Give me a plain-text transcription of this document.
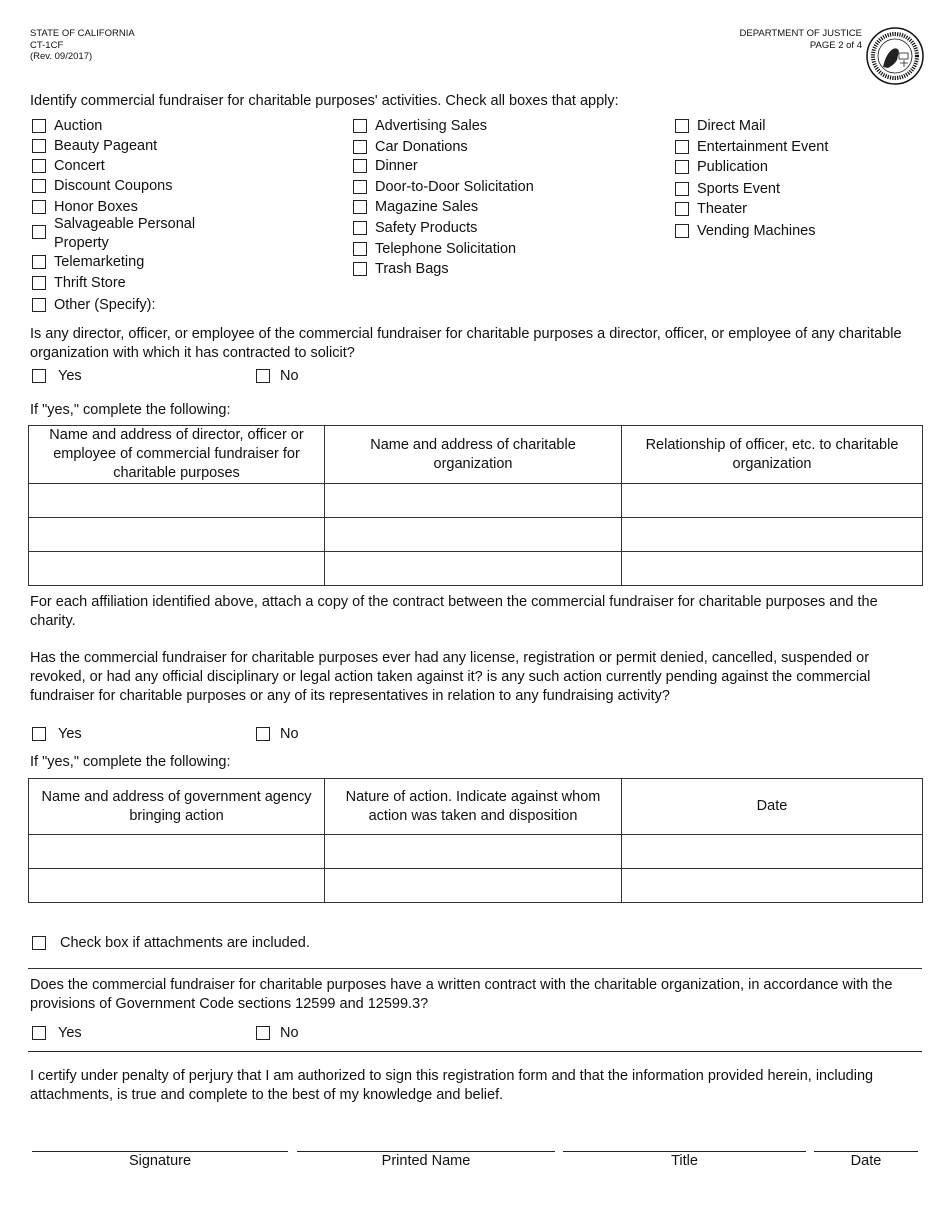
STATE OF CALIFORNIA
CT-1CF
(Rev. 09/2017)
DEPARTMENT OF JUSTICE
PAGE 2 of 4
Identify commercial fundraiser for charitable purposes' activities. Check all boxes that apply:
Auction
Beauty Pageant
Concert
Discount Coupons
Honor Boxes
Salvageable Personal Property
Telemarketing
Thrift Store
Other (Specify):
Advertising Sales
Car Donations
Dinner
Door-to-Door Solicitation
Magazine Sales
Safety Products
Telephone Solicitation
Trash Bags
Direct Mail
Entertainment Event
Publication
Sports Event
Theater
Vending Machines
Is any director, officer, or employee of the commercial fundraiser for charitable purposes a director, officer, or employee of any charitable organization with which it has contracted to solicit?
Yes	No
If "yes," complete the following:
Name and address of director, officer or employee of commercial fundraiser for charitable purposes	Name and address of charitable organization	Relationship of officer, etc. to charitable organization

For each affiliation identified above, attach a copy of the contract between the commercial fundraiser for charitable purposes and the charity.
Has the commercial fundraiser for charitable purposes ever had any license, registration or permit denied, cancelled, suspended or revoked, or had any official disciplinary or legal action taken against it? is any such action currently pending against the commercial fundraiser for charitable purposes or any of its representatives in relation to any fundraising activity?
Yes	No
If "yes," complete the following:
Name and address of government agency bringing action	Nature of action. Indicate against whom action was taken and disposition	Date

Check box if attachments are included.
Does the commercial fundraiser for charitable purposes have a written contract with the charitable organization, in accordance with the provisions of Government Code sections 12599 and 12599.3?
Yes	No
I certify under penalty of perjury that I am authorized to sign this registration form and that the information provided herein, including attachments, is true and complete to the best of my knowledge and belief.
Signature	Printed Name	Title	Date
